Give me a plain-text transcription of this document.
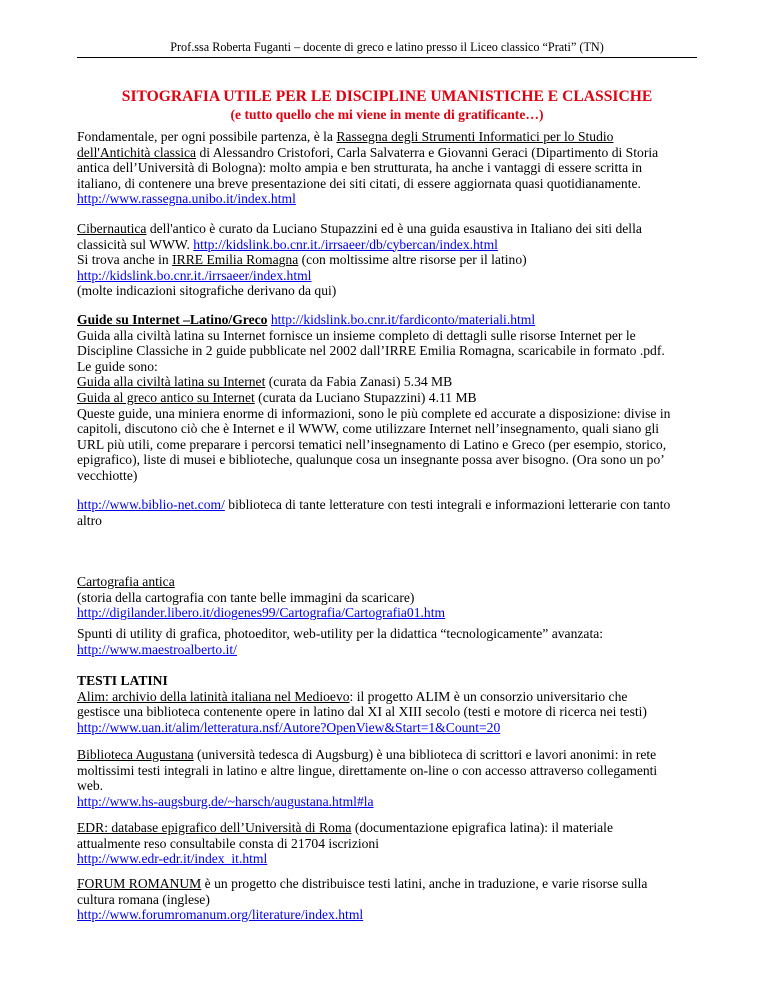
Prof.ssa Roberta Fuganti – docente di greco e latino presso il Liceo classico “Prati” (TN)
SITOGRAFIA UTILE PER LE DISCIPLINE UMANISTICHE E CLASSICHE
(e tutto quello che mi viene in mente di gratificante…)
Fondamentale, per ogni possibile partenza, è la Rassegna degli Strumenti Informatici per lo Studio
dell'Antichità classica di Alessandro Cristofori, Carla Salvaterra e Giovanni Geraci (Dipartimento di Storia
antica dell’Università di Bologna): molto ampia e ben strutturata, ha anche i vantaggi di essere scritta in
italiano, di contenere una breve presentazione dei siti citati, di essere aggiornata quasi quotidianamente.
http://www.rassegna.unibo.it/index.html
Cibernautica dell'antico è curato da Luciano Stupazzini ed è una guida esaustiva in Italiano dei siti della
classicità sul WWW. http://kidslink.bo.cnr.it./irrsaeer/db/cybercan/index.html
Si trova anche in IRRE Emilia Romagna (con moltissime altre risorse per il latino)
http://kidslink.bo.cnr.it./irrsaeer/index.html
(molte indicazioni sitografiche derivano da qui)
Guide su Internet –Latino/Greco http://kidslink.bo.cnr.it/fardiconto/materiali.html
Guida alla civiltà latina su Internet fornisce un insieme completo di dettagli sulle risorse Internet per le
Discipline Classiche in 2 guide pubblicate nel 2002 dall’IRRE Emilia Romagna, scaricabile in formato .pdf.
Le guide sono:
Guida alla civiltà latina su Internet (curata da Fabia Zanasi) 5.34 MB
Guida al greco antico su Internet (curata da Luciano Stupazzini) 4.11 MB
Queste guide, una miniera enorme di informazioni, sono le più complete ed accurate a disposizione: divise in
capitoli, discutono ciò che è Internet e il WWW, come utilizzare Internet nell’insegnamento, quali siano gli
URL più utili, come preparare i percorsi tematici nell’insegnamento di Latino e Greco (per esempio, storico,
epigrafico), liste di musei e biblioteche, qualunque cosa un insegnante possa aver bisogno. (Ora sono un po’
vecchiotte)
http://www.biblio-net.com/ biblioteca di tante letterature con testi integrali e informazioni letterarie con tanto
altro
Cartografia antica
(storia della cartografia con tante belle immagini da scaricare)
http://digilander.libero.it/diogenes99/Cartografia/Cartografia01.htm
Spunti di utility di grafica, photoeditor, web-utility per la didattica “tecnologicamente” avanzata:
http://www.maestroalberto.it/
TESTI LATINI
Alim: archivio della latinità italiana nel Medioevo: il progetto ALIM è un consorzio universitario che
gestisce una biblioteca contenente opere in latino dal XI al XIII secolo (testi e motore di ricerca nei testi)
http://www.uan.it/alim/letteratura.nsf/Autore?OpenView&Start=1&Count=20
Biblioteca Augustana (università tedesca di Augsburg) è una biblioteca di scrittori e lavori anonimi: in rete
moltissimi testi integrali in latino e altre lingue, direttamente on-line o con accesso attraverso collegamenti
web.
http://www.hs-augsburg.de/~harsch/augustana.html#la
EDR: database epigrafico dell’Università di Roma (documentazione epigrafica latina): il materiale
attualmente reso consultabile consta di 21704 iscrizioni
http://www.edr-edr.it/index_it.html
FORUM ROMANUM è un progetto che distribuisce testi latini, anche in traduzione, e varie risorse sulla
cultura romana (inglese)
http://www.forumromanum.org/literature/index.html
